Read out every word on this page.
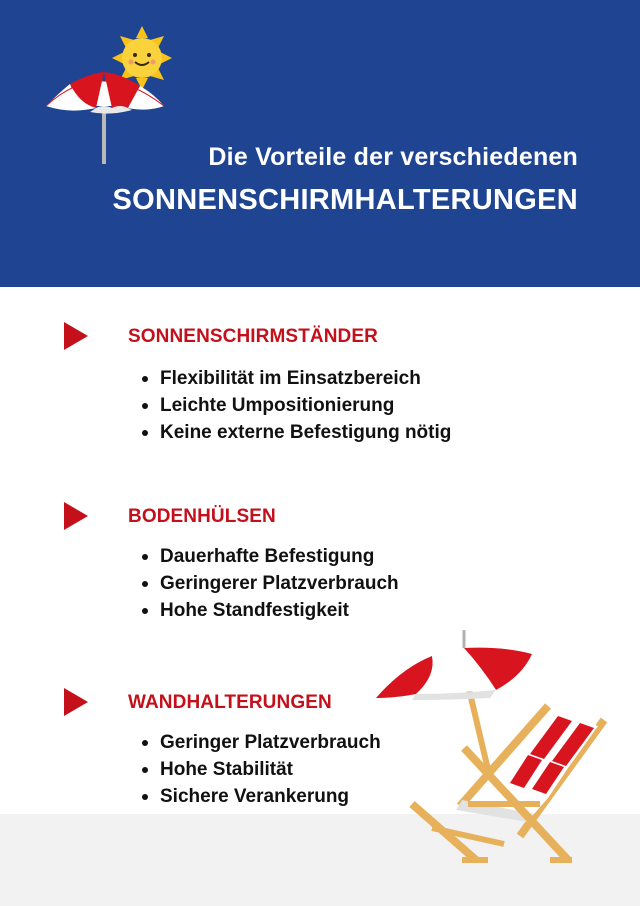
Die Vorteile der verschiedenen
SONNENSCHIRMHALTERUNGEN
SONNENSCHIRMSTÄNDER
Flexibilität im Einsatzbereich
Leichte Umpositionierung
Keine externe Befestigung nötig
BODENHÜLSEN
Dauerhafte Befestigung
Geringerer Platzverbrauch
Hohe Standfestigkeit
WANDHALTERUNGEN
Geringer Platzverbrauch
Hohe Stabilität
Sichere Verankerung
